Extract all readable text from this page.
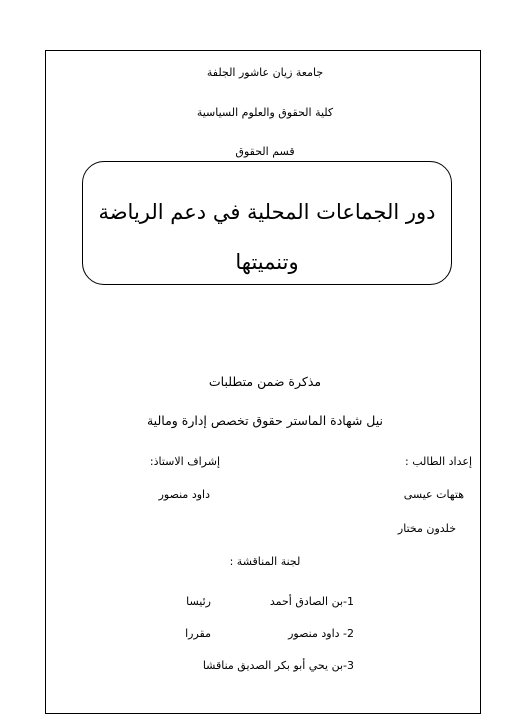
جامعة زيان عاشور الجلفة
كلية الحقوق والعلوم السياسية
قسم الحقوق
دور الجماعات المحلية في دعم الرياضة
وتنميتها
مذكرة ضمن متطلبات
نيل شهادة الماستر حقوق تخصص إدارة ومالية
إعداد الطالب :
هتهات عيسى
خلدون مختار
إشراف الاستاذ:
داود منصور
لجنة المناقشة :
1-بن الصادق أحمد
رئيسا
2- داود منصور
مقررا
3-بن يحي أبو بكر الصديق مناقشا
